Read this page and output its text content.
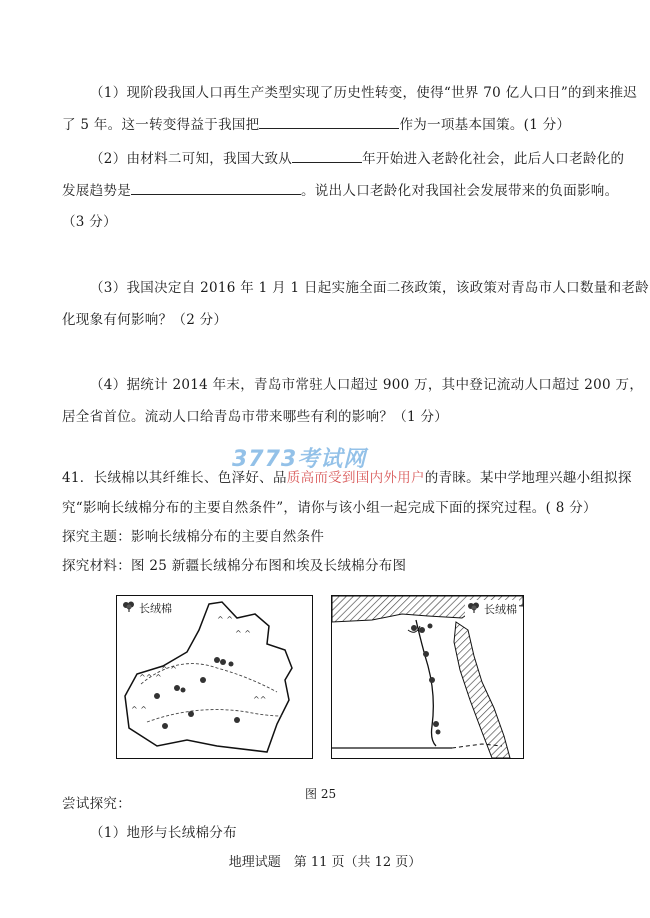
（1）现阶段我国人口再生产类型实现了历史性转变，使得“世界 70 亿人口日”的到来推迟
了 5 年。这一转变得益于我国把	作为一项基本国策。(1 分）
（2）由材料二可知，我国大致从	年开始进入老龄化社会，此后人口老龄化的
发展趋势是	。说出人口老龄化对我国社会发展带来的负面影响。
（3 分）
（3）我国决定自 2016 年 1 月 1 日起实施全面二孩政策，该政策对青岛市人口数量和老龄
化现象有何影响？（2 分）
（4）据统计 2014 年末，青岛市常驻人口超过 900 万，其中登记流动人口超过 200 万，
居全省首位。流动人口给青岛市带来哪些有利的影响？（1 分）
3773考试网
41．长绒棉以其纤维长、色泽好、品质高而受到国内外用户的青睐。某中学地理兴趣小组拟探
究“影响长绒棉分布的主要自然条件”，请你与该小组一起完成下面的探究过程。( 8 分）
探究主题：影响长绒棉分布的主要自然条件
探究材料：图 25 新疆长绒棉分布图和埃及长绒棉分布图
长绒棉
^ ^
^ ^
^^ ^
^ ^
^ ^
^^
长绒棉
图 25
尝试探究：
（1）地形与长绒棉分布
地理试题　第 11 页（共 12 页）
